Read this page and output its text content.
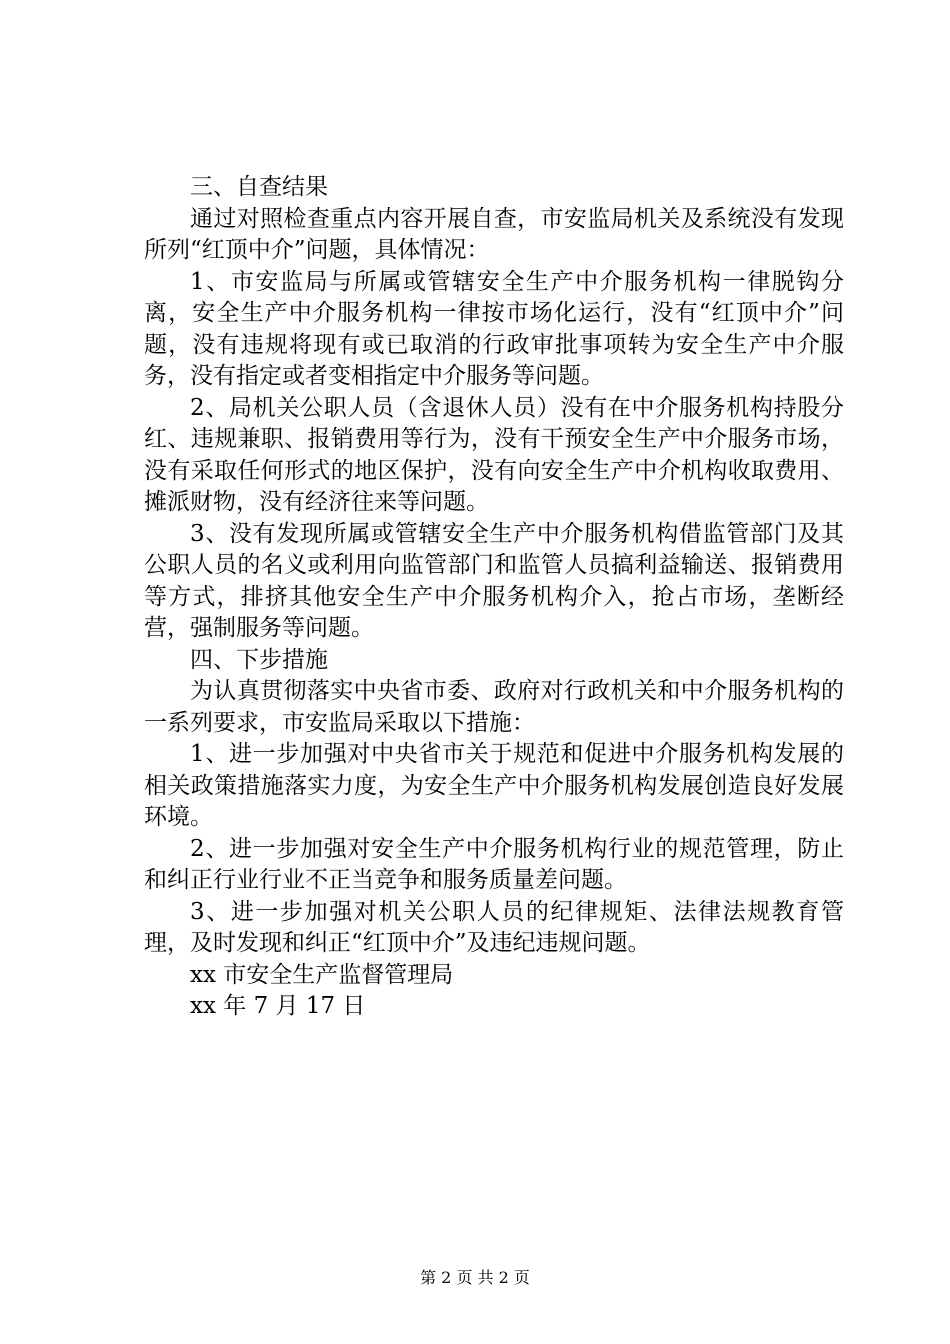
三、自查结果

通过对照检查重点内容开展自查，市安监局机关及系统没有发现所列“红顶中介”问题，具体情况：

1、市安监局与所属或管辖安全生产中介服务机构一律脱钩分离，安全生产中介服务机构一律按市场化运行，没有“红顶中介”问题，没有违规将现有或已取消的行政审批事项转为安全生产中介服务，没有指定或者变相指定中介服务等问题。

2、局机关公职人员（含退休人员）没有在中介服务机构持股分红、违规兼职、报销费用等行为，没有干预安全生产中介服务市场，没有采取任何形式的地区保护，没有向安全生产中介机构收取费用、摊派财物，没有经济往来等问题。

3、没有发现所属或管辖安全生产中介服务机构借监管部门及其公职人员的名义或利用向监管部门和监管人员搞利益输送、报销费用等方式，排挤其他安全生产中介服务机构介入，抢占市场，垄断经营，强制服务等问题。

四、下步措施

为认真贯彻落实中央省市委、政府对行政机关和中介服务机构的一系列要求，市安监局采取以下措施：

1、进一步加强对中央省市关于规范和促进中介服务机构发展的相关政策措施落实力度，为安全生产中介服务机构发展创造良好发展环境。

2、进一步加强对安全生产中介服务机构行业的规范管理，防止和纠正行业行业不正当竞争和服务质量差问题。

3、进一步加强对机关公职人员的纪律规矩、法律法规教育管理，及时发现和纠正“红顶中介”及违纪违规问题。

xx 市安全生产监督管理局

xx 年 7 月 17 日

第 2 页 共 2 页
